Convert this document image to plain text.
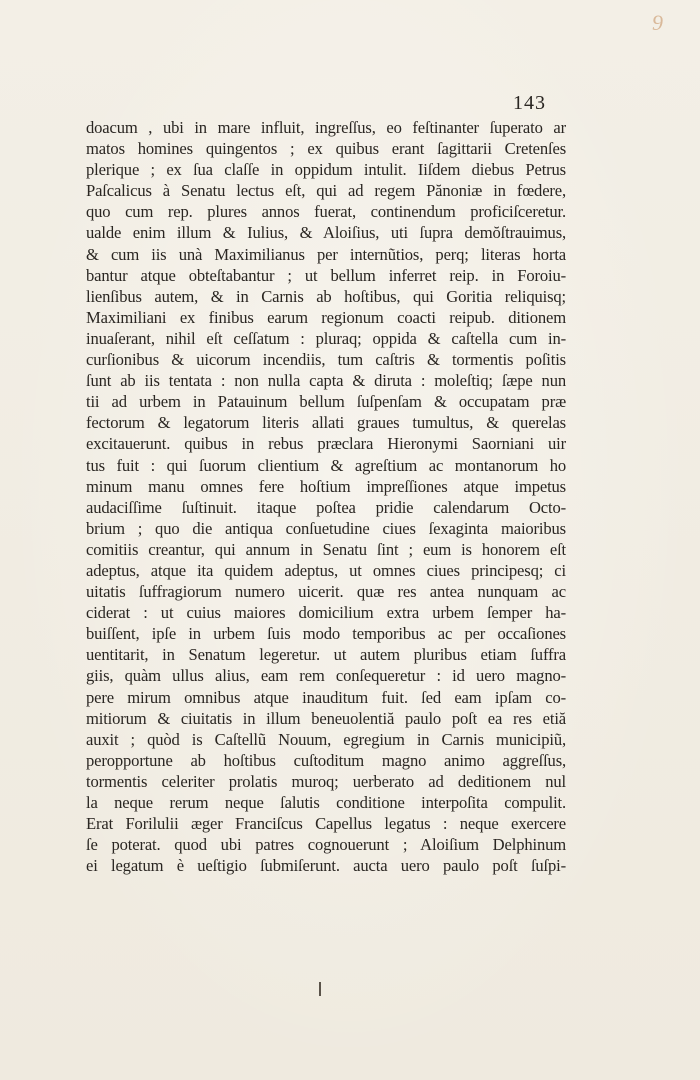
9
143
doacum , ubi in mare influit, ingreſſus, eo feſtinanter ſuperato ar
matos homines quingentos ; ex quibus erant ſagittarii Cretenſes
plerique ; ex ſua claſſe in oppidum intulit. Iiſdem diebus Petrus
Paſcalicus à Senatu lectus eſt, qui ad regem Pănoniæ in fœdere,
quo cum rep. plures annos fuerat, continendum proficiſceretur.
ualde enim illum & Iulius, & Aloiſius, uti ſupra demŏſtrauimus,
& cum iis unà Maximilianus per internũtios, perq; literas horta
bantur atque obteſtabantur ; ut bellum inferret reip. in Foroiu-
lienſibus autem, & in Carnis ab hoſtibus, qui Goritia reliquisq;
Maximiliani ex finibus earum regionum coacti reipub. ditionem
inuaſerant, nihil eſt ceſſatum : pluraq; oppida & caſtella cum in-
curſionibus & uicorum incendiis, tum caſtris & tormentis poſitis
ſunt ab iis tentata : non nulla capta & diruta : moleſtiq; ſæpe nun
tii ad urbem in Patauinum bellum ſuſpenſam & occupatam præ
fectorum & legatorum literis allati graues tumultus, & querelas
excitauerunt. quibus in rebus præclara Hieronymi Saorniani uir
tus fuit : qui ſuorum clientium & agreſtium ac montanorum ho
minum manu omnes fere hoſtium impreſſiones atque impetus
audaciſſime ſuſtinuit. itaque poſtea pridie calendarum Octo-
brium ; quo die antiqua conſuetudine ciues ſexaginta maioribus
comitiis creantur, qui annum in Senatu ſint ; eum is honorem eſt
adeptus, atque ita quidem adeptus, ut omnes ciues principesq; ci
uitatis ſuffragiorum numero uicerit. quæ res antea nunquam ac
ciderat : ut cuius maiores domicilium extra urbem ſemper ha-
buiſſent, ipſe in urbem ſuis modo temporibus ac per occaſiones
uentitarit, in Senatum legeretur. ut autem pluribus etiam ſuffra
giis, quàm ullus alius, eam rem conſequeretur : id uero magno-
pere mirum omnibus atque inauditum fuit. ſed eam ipſam co-
mitiorum & ciuitatis in illum beneuolentiă paulo poſt ea res etiă
auxit ; quòd is Caſtellũ Nouum, egregium in Carnis municipiũ,
peropportune ab hoſtibus cuſtoditum magno animo aggreſſus,
tormentis celeriter prolatis muroq; uerberato ad deditionem nul
la neque rerum neque ſalutis conditione interpoſita compulit.
Erat Forilulii æger Franciſcus Capellus legatus : neque exercere
ſe poterat. quod ubi patres cognouerunt ; Aloiſium Delphinum
ei legatum è ueſtigio ſubmiſerunt. aucta uero paulo poſt ſuſpi-
